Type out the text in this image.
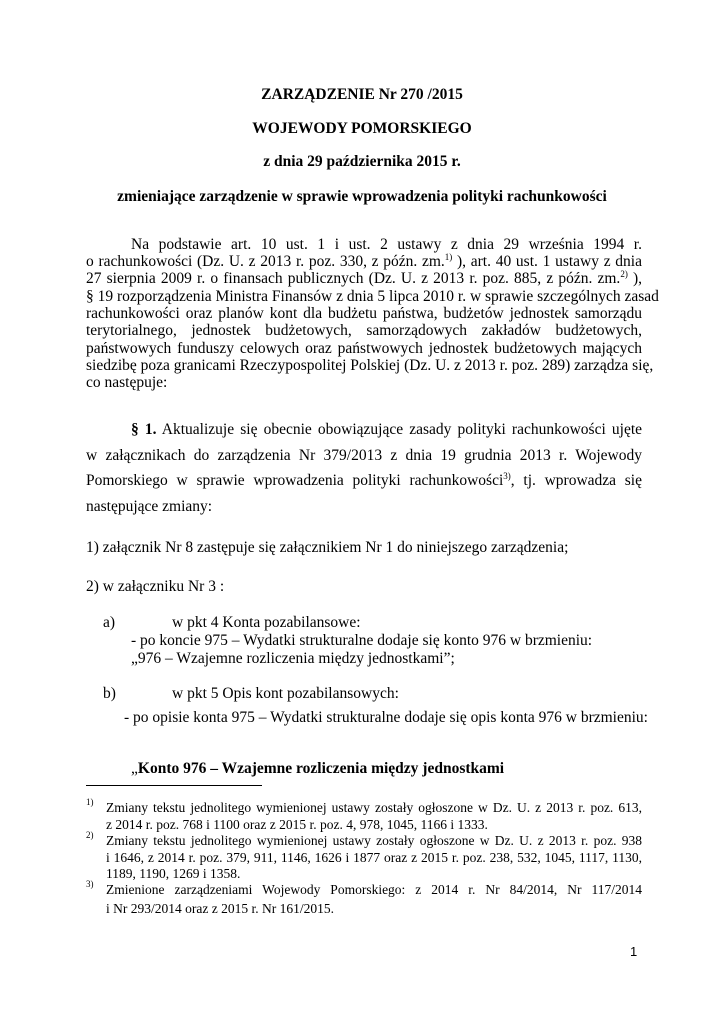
ZARZĄDZENIE Nr 270 /2015
WOJEWODY POMORSKIEGO
z dnia 29 października 2015 r.
zmieniające zarządzenie w sprawie wprowadzenia polityki rachunkowości
Na podstawie art. 10 ust. 1 i ust. 2 ustawy z dnia 29 września 1994 r.
o rachunkowości (Dz. U. z 2013 r. poz. 330, z późn. zm.$^{1)}$ ), art. 40 ust. 1 ustawy z dnia
27 sierpnia 2009 r. o finansach publicznych (Dz. U. z 2013 r. poz. 885, z późn. zm.$^{2)}$ ),
§ 19 rozporządzenia Ministra Finansów z dnia 5 lipca 2010 r. w sprawie szczególnych zasad
rachunkowości oraz planów kont dla budżetu państwa, budżetów jednostek samorządu
terytorialnego, jednostek budżetowych, samorządowych zakładów budżetowych,
państwowych funduszy celowych oraz państwowych jednostek budżetowych mających
siedzibę poza granicami Rzeczypospolitej Polskiej (Dz. U. z 2013 r. poz. 289) zarządza się,
co następuje:
§ 1. Aktualizuje się obecnie obowiązujące zasady polityki rachunkowości ujęte
w załącznikach do zarządzenia Nr 379/2013 z dnia 19 grudnia 2013 r. Wojewody
Pomorskiego w sprawie wprowadzenia polityki rachunkowości$^{3)}$, tj. wprowadza się
następujące zmiany:
1) załącznik Nr 8 zastępuje się załącznikiem Nr 1 do niniejszego zarządzenia;
2) w załączniku Nr 3 :
a)	w pkt 4 Konta pozabilansowe:
- po koncie 975 – Wydatki strukturalne dodaje się konto 976 w brzmieniu:
„976 – Wzajemne rozliczenia między jednostkami”;
b)	w pkt 5 Opis kont pozabilansowych:
- po opisie konta 975 – Wydatki strukturalne dodaje się opis konta 976 w brzmieniu:
„Konto 976 – Wzajemne rozliczenia między jednostkami
1) Zmiany tekstu jednolitego wymienionej ustawy zostały ogłoszone w Dz. U. z 2013 r. poz. 613,
z 2014 r. poz. 768 i 1100 oraz z 2015 r. poz. 4, 978, 1045, 1166 i 1333.
2) Zmiany tekstu jednolitego wymienionej ustawy zostały ogłoszone w Dz. U. z 2013 r. poz. 938
i 1646, z 2014 r. poz. 379, 911, 1146, 1626 i 1877 oraz z 2015 r. poz. 238, 532, 1045, 1117, 1130,
1189, 1190, 1269 i 1358.
3) Zmienione zarządzeniami Wojewody Pomorskiego: z 2014 r. Nr 84/2014, Nr 117/2014
i Nr 293/2014 oraz z 2015 r. Nr 161/2015.
1
